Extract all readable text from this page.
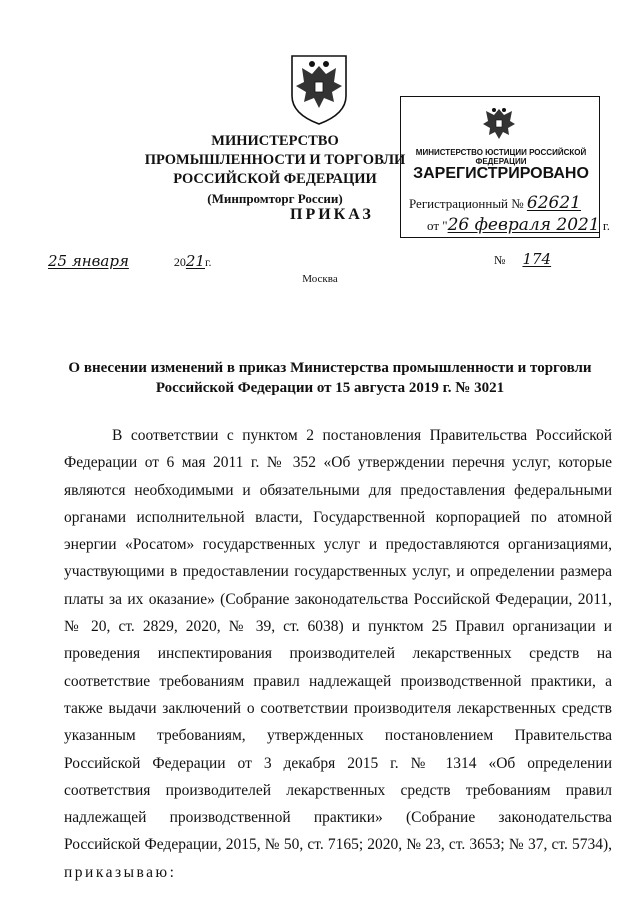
МИНИСТЕРСТВО ПРОМЫШЛЕННОСТИ И ТОРГОВЛИ
РОССИЙСКОЙ ФЕДЕРАЦИИ
(Минпромторг России)
ПРИКАЗ
МИНИСТЕРСТВО ЮСТИЦИИ РОССИЙСКОЙ ФЕДЕРАЦИИ
ЗАРЕГИСТРИРОВАНО
Регистрационный № 62621
от "26 февраля 2021 г.
25 января	2021г.	№ 174
Москва
О внесении изменений в приказ Министерства промышленности и торговли
Российской Федерации от 15 августа 2019 г. № 3021

В соответствии с пунктом 2 постановления Правительства Российской Федерации от 6 мая 2011 г. № 352 «Об утверждении перечня услуг, которые являются необходимыми и обязательными для предоставления федеральными органами исполнительной власти, Государственной корпорацией по атомной энергии «Росатом» государственных услуг и предоставляются организациями, участвующими в предоставлении государственных услуг, и определении размера платы за их оказание» (Собрание законодательства Российской Федерации, 2011, № 20, ст. 2829, 2020, № 39, ст. 6038) и пунктом 25 Правил организации и проведения инспектирования производителей лекарственных средств на соответствие требованиям правил надлежащей производственной практики, а также выдачи заключений о соответствии производителя лекарственных средств указанным требованиям, утвержденных постановлением Правительства Российской Федерации от 3 декабря 2015 г. № 1314 «Об определении соответствия производителей лекарственных средств требованиям правил надлежащей производственной практики» (Собрание законодательства Российской Федерации, 2015, № 50, ст. 7165; 2020, № 23, ст. 3653; № 37, ст. 5734), приказываю:
